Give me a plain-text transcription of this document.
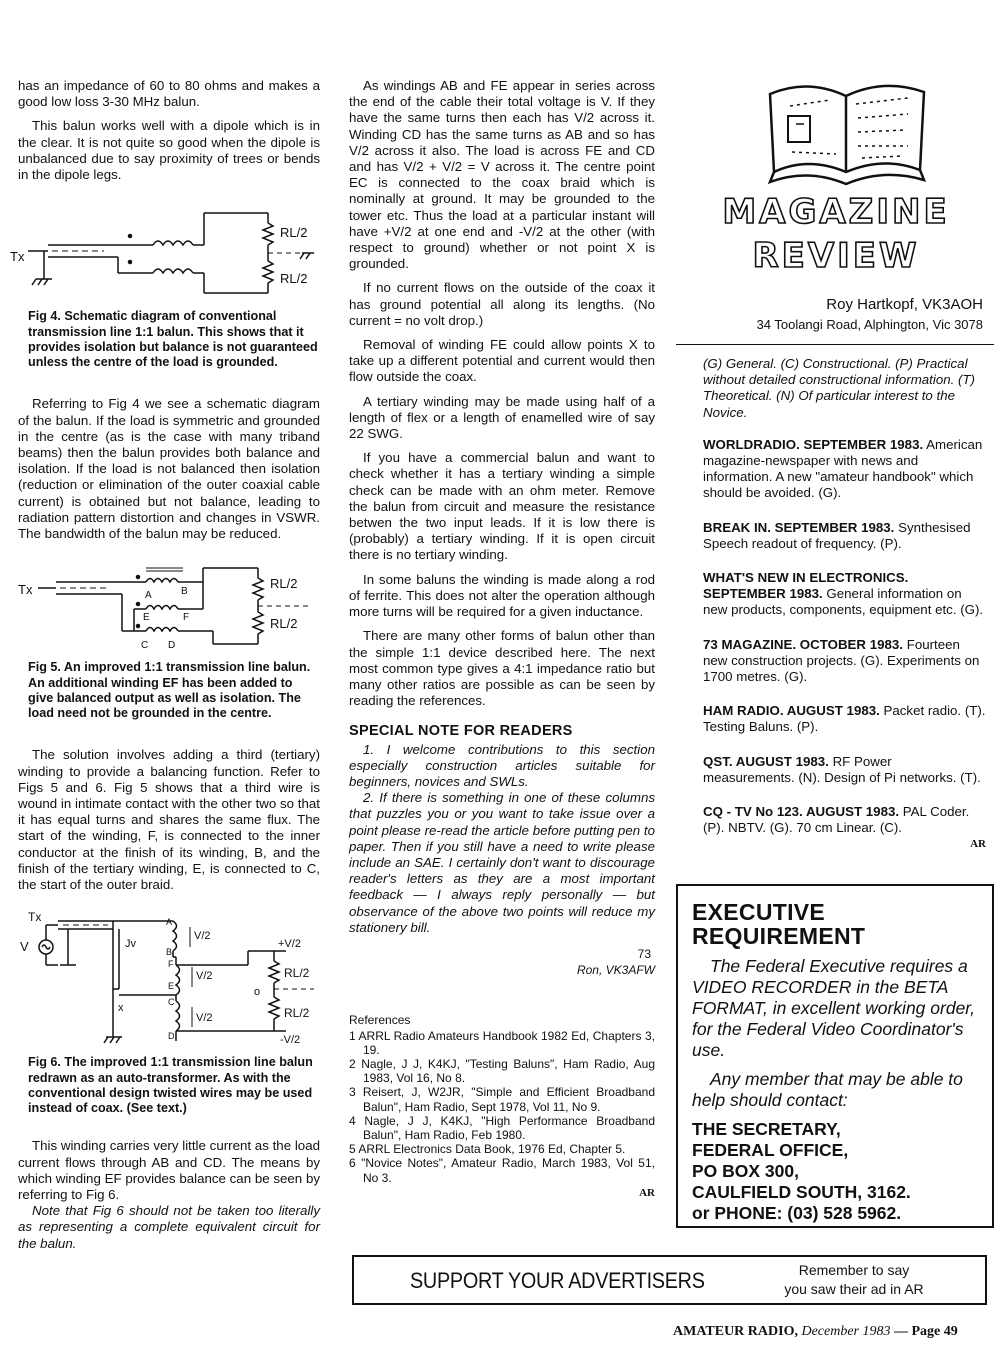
has an impedance of 60 to 80 ohms and makes a good low loss 3-30 MHz balun.

This balun works well with a dipole which is in the clear. It is not quite so good when the dipole is unbalanced due to say proximity of trees or bends in the dipole legs.

Tx
RL/2
RL/2

Fig 4. Schematic diagram of conventional transmission line 1:1 balun. This shows that it provides isolation but balance is not guaranteed unless the centre of the load is grounded.

Referring to Fig 4 we see a schematic diagram of the balun. If the load is symmetric and grounded in the centre (as is the case with many triband beams) then the balun provides both balance and isolation. If the load is not balanced then isolation (reduction or elimination of the outer coaxial cable current) is obtained but not balance, leading to radiation pattern distortion and changes in VSWR. The bandwidth of the balun may be reduced.

Tx	A	B
E	F
C D
RL/2
RL/2

Fig 5. An improved 1:1 transmission line balun. An additional winding EF has been added to give balanced output as well as isolation. The load need not be grounded in the centre.

The solution involves adding a third (tertiary) winding to provide a balancing function. Refer to Figs 5 and 6. Fig 5 shows that a third wire is wound in intimate contact with the other two so that it has equal turns and shares the same flux. The start of the winding, F, is connected to the inner conductor at the finish of its winding, B, and the finish of the tertiary winding, E, is connected to C, the start of the outer braid.

Tx
V
x
Jv
A
B
F
E
C
D
V/2
V/2
V/2
+V/2
-V/2
o
RL/2
RL/2

Fig 6. The improved 1:1 transmission line balun redrawn as an auto-transformer. As with the conventional design twisted wires may be used instead of coax. (See text.)

This winding carries very little current as the load current flows through AB and CD. The means by which winding EF provides balance can be seen by referring to Fig 6.

Note that Fig 6 should not be taken too literally as representing a complete equivalent circuit for the balun.

As windings AB and FE appear in series across the end of the cable their total voltage is V. If they have the same turns then each has V/2 across it. Winding CD has the same turns as AB and so has V/2 across it also. The load is across FE and CD and has V/2 + V/2 = V across it. The centre point EC is connected to the coax braid which is nominally at ground. It may be grounded to the tower etc. Thus the load at a particular instant will have +V/2 at one end and -V/2 at the other (with respect to ground) whether or not point X is grounded.

If no current flows on the outside of the coax it has ground potential all along its lengths. (No current = no volt drop.)

Removal of winding FE could allow points X to take up a different potential and current would then flow outside the coax.

A tertiary winding may be made using half of a length of flex or a length of enamelled wire of say 22 SWG.

If you have a commercial balun and want to check whether it has a tertiary winding a simple check can be made with an ohm meter. Remove the balun from circuit and measure the resistance betwen the two input leads. If it is low there is (probably) a tertiary winding. If it is open circuit there is no tertiary winding.

In some baluns the winding is made along a rod of ferrite. This does not alter the operation although more turns will be required for a given inductance.

There are many other forms of balun other than the simple 1:1 device described here. The next most common type gives a 4:1 impedance ratio but many other ratios are possible as can be seen by reading the references.

SPECIAL NOTE FOR READERS

1. I welcome contributions to this section especially construction articles suitable for beginners, novices and SWLs.

2. If there is something in one of these columns that puzzles you or you want to take issue over a point please re-read the article before putting pen to paper. Then if you still have a need to write please include an SAE. I certainly don't want to discourage reader's letters as they are a most important feedback — I always reply personally — but observance of the above two points will reduce my stationery bill.

73
Ron, VK3AFW
References
1 ARRL Radio Amateurs Handbook 1982 Ed, Chapters 3, 19.
2 Nagle, J J, K4KJ, "Testing Baluns", Ham Radio, Aug 1983, Vol 16, No 8.
3 Reisert, J, W2JR, "Simple and Efficient Broadband Balun", Ham Radio, Sept 1978, Vol 11, No 9.
4 Nagle, J J, K4KJ, "High Performance Broadband Balun", Ham Radio, Feb 1980.
5 ARRL Electronics Data Book, 1976 Ed, Chapter 5.
6 "Novice Notes", Amateur Radio, March 1983, Vol 51, No 3.
AR
MAGAZINE
REVIEW
Roy Hartkopf, VK3AOH
34 Toolangi Road, Alphington, Vic 3078

(G) General. (C) Constructional. (P) Practical without detailed constructional information. (T) Theoretical. (N) Of particular interest to the Novice.

WORLDRADIO. SEPTEMBER 1983. American magazine-newspaper with news and information. A new "amateur handbook" which should be avoided. (G).

BREAK IN. SEPTEMBER 1983. Synthesised Speech readout of frequency. (P).

WHAT'S NEW IN ELECTRONICS. SEPTEMBER 1983. General information on new products, components, equipment etc. (G).

73 MAGAZINE. OCTOBER 1983. Fourteen new construction projects. (G). Experiments on 1700 metres. (G).

HAM RADIO. AUGUST 1983. Packet radio. (T). Testing Baluns. (P).

QST. AUGUST 1983. RF Power measurements. (N). Design of Pi networks. (T).

CQ - TV No 123. AUGUST 1983. PAL Coder. (P). NBTV. (G). 70 cm Linear. (C).

AR
EXECUTIVE
REQUIREMENT

The Federal Executive requires a VIDEO RECORDER in the BETA FORMAT, in excellent working order, for the Federal Video Coordinator's use.

Any member that may be able to help should contact:

THE SECRETARY,

FEDERAL OFFICE,

PO BOX 300,

CAULFIELD SOUTH, 3162.

or PHONE: (03) 528 5962.

SUPPORT YOUR ADVERTISERS	Remember to say
you saw their ad in AR
AMATEUR RADIO, December 1983 — Page 49
